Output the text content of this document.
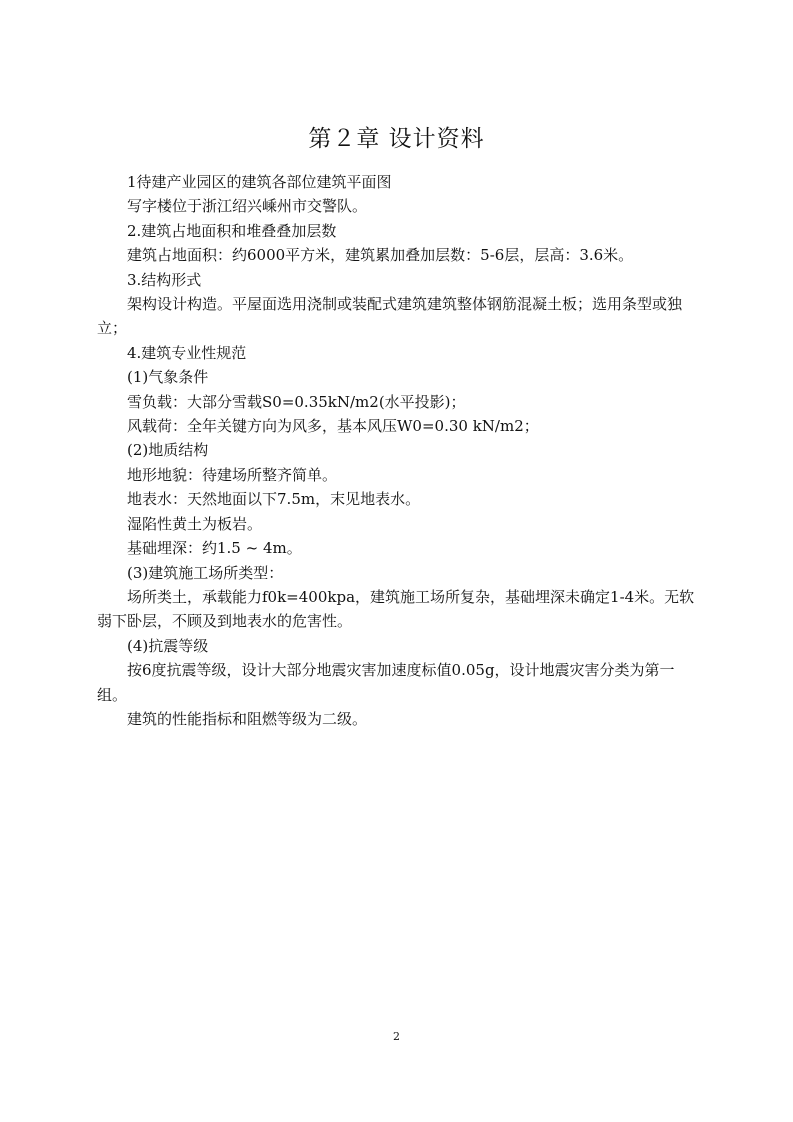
第２章 设计资料

1待建产业园区的建筑各部位建筑平面图

写字楼位于浙江绍兴嵊州市交警队。

2.建筑占地面积和堆叠叠加层数

建筑占地面积：约6000平方米，建筑累加叠加层数：5-6层，层高：3.6米。

3.结构形式

架构设计构造。平屋面选用浇制或装配式建筑建筑整体钢筋混凝土板；选用条型或独立；

4.建筑专业性规范

(1)气象条件

雪负载：大部分雪载S0=0.35kN/m2(水平投影)；

风载荷：全年关键方向为风多，基本风压W0=0.30 kN/m2；

(2)地质结构

地形地貌：待建场所整齐简单。

地表水：天然地面以下7.5m，末见地表水。

湿陷性黄土为板岩。

基础埋深：约1.5 ~ 4m。

(3)建筑施工场所类型：

场所类土，承载能力f0k=400kpa，建筑施工场所复杂，基础埋深未确定1-4米。无软弱下卧层，不顾及到地表水的危害性。

(4)抗震等级

按6度抗震等级，设计大部分地震灾害加速度标值0.05g，设计地震灾害分类为第一组。

建筑的性能指标和阻燃等级为二级。

2
